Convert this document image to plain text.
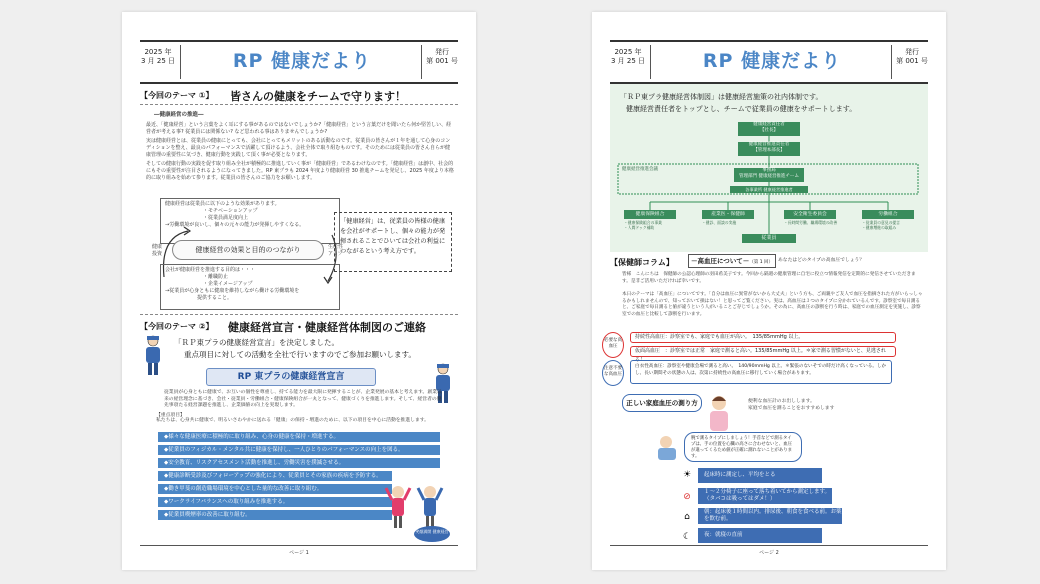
2025 年
3 月 25 日	RP 健康だより	発行
第 001 号
【今回のテーマ ①】 皆さんの健康をチームで守ります！
―健康経営の推進―
最近、「健康経営」という言葉をよく耳にする事があるのではないでしょうか?「健康経営」という言葉だけを聞いたら何か堅苦しい、経営者が考える事? 従業員には関係ない? など思われる事はありませんでしょうか?
実は健康経営とは、従業員の健康にとっても、会社にとってもメリットのある活動なのです。従業員の皆さんが１年を通して心身のコンディションを整え、最良のパフォーマンスで活躍して頂けるよう、会社全体で取り組むものです。そのためには従業員の皆さん自らが健康管理の重要性に気づき、健康行動を実践して頂く事が必要となります。
そしての健康行動の実践を促す取り組み全社が積極的に推進していく事が「健康経営」であるわけなのです。「健康経営」は創中、社会的にもその重要性が注目されるようになってきました。RP 東プラも 2024 年度より健康経営 30 推進チームを発足し、2025 年度より本格的に取り組みを始めて参ります。従業員の皆さんのご協力をお願いします。
健康経営は従業員に以下のような効果があります。
・モチベーションアップ
・従業員満足度向上
→労働環境が良いし、個々の元々の能力が発揮しやすくなる。
健康投資
生産性アップ
健康経営の効果と目的のつながり
会社が健康経営を推進する目的は・・・
・離職防止
・企業イメージアップ
→従業員が心身ともに健康を維持しながら働ける労働環境を
提供すること。
「健康経営」は、従業員の皆様の健康を会社がサポートし、個々の能力が発揮されることでひいては会社の利益につながるという考え方です。
【今回のテーマ ②】 健康経営宣言・健康経営体制図のご連絡
「ＲＰ東プラの健康経営宣言」を決定しました。
重点項目に対しての活動を全社で行いますのでご参加お願いします。
RP 東プラの健康経営宣言
従業員が心身ともに健康で、お互いの個性を尊重し、持てる能力を最大限に発揮することが、企業発展の基本と考えます。創業以来の経営理念に基づき、会社・従業員・労働組合・健康保険組合が一丸となって、健康づくりを推進します。そして、経営者の優先事項たる経営課題を推進し、企業価値の向上を実現します。
【重点項目】
私たちは、心身共に健康で、明るいさわやかに送れる「健康」の保持・増進のために、以下の項目を中心に活動を推進します。
◆様々な健康医療に積極的に取り組み、心身の健康を保持・増進する。
◆従業員のフィジカル・メンタル共に健康を保持し、一人ひとりのパフォーマンスの向上を図る。
◆安全教育、リスクアセスメント活動を推進し、労働災害を撲滅させる。
◆健康診断受診及びフォローアップの強化により、従業員とその家族の疾病を予防する。
◆働き甲斐の創造職場環境を中心とした量的な改善に取り組む。
◆ワークライフバランスへの取り組みを推進する。
◆従業員喫煙率の改善に取り組む。
笑顔満開 健康経営
ページ 1
2025 年
3 月 25 日	RP 健康だより	発行
第 001 号
「ＲＰ東プラ健康経営体制図」は健康経営施策の社内体制です。
健康経営責任者をトップとし、チームで従業員の健康をサポートします。
健康経営責任者
【社長】
健康経営推進責任者
【管理本部長】
健康経営推進会議	事務局
管理部門 健康経営推進チーム
各事業所 健康経営推進者
健康保険組合	産業医・保健師	安全衛生委員会	労働組合
・健康保険組合の事業
・人間ドック補助
・健診、面談の実施	・長時間労働、職場環境の改善	・従業員の意見の提言
・健康増進の取組み
従業員
【保健師コラム】	－高血圧について－（第 1 回）	あなたはどのタイプの高血圧でしょう？
皆様　こんにちは　保健師の公認心理師の羽田希美子です。今回から隔週の健康管理に自宅に役立つ情報発信を定期的に発信させていただきます。是非ご活用いただければ幸いです。
本日のテーマは「高血圧」についてです。「自分は血圧に異常がないから大丈夫」という方も、ご両親やご友人で血圧を指摘された方がいらっしゃるかもしれませんので、知っておいて損はない！と思ってご覧ください。実は、高血圧は３つのタイプに分かれているんです。診察室で毎日測ると、ご家庭で毎日測ると値が違うという人がいることご存じでしょうか。その為に、高血圧の診断を行う時は、家庭での血圧測定を実施し、診察室での血圧と比較して診断を行います。
必要な高血圧
持続性高血圧：診察室でも、家庭でも血圧が高い。　135/85mmHg 以上。
仮面高血圧　：診察室では正常　家庭で測ると高い。135/85mmHg 以上。＊家で測る習慣がないと、見逃される！
注意不要な高血圧
白衣性高血圧：診察室や健康会場で測ると高い。　140/90mmHg 以上。＊緊張のないそでの時だけ高くなっている。しかし、長い期間その状態の人は、次第に持続性の高血圧に移行していく場合があります。
正しい家庭血圧の測り方	便利な血圧計のお出しします。
家庭で血圧を測ることをおすすめします
腕で測るタイプにしましょう！手首などで測るタイプは、手の位置を心臓の高さに合わせないと、血圧が違ってくるため値が正確に測れないことがあります。
☀	起床時に測定し、平均をとる
⊘	１〜２分椅子に座って落ち着いてから測定します。（タバコは吸ってはダメ！）
⌂	朝：起床後１時間以内。排尿後、朝食を食べる前。お薬を飲む前。
☾	夜：就寝の直前
ページ 2
